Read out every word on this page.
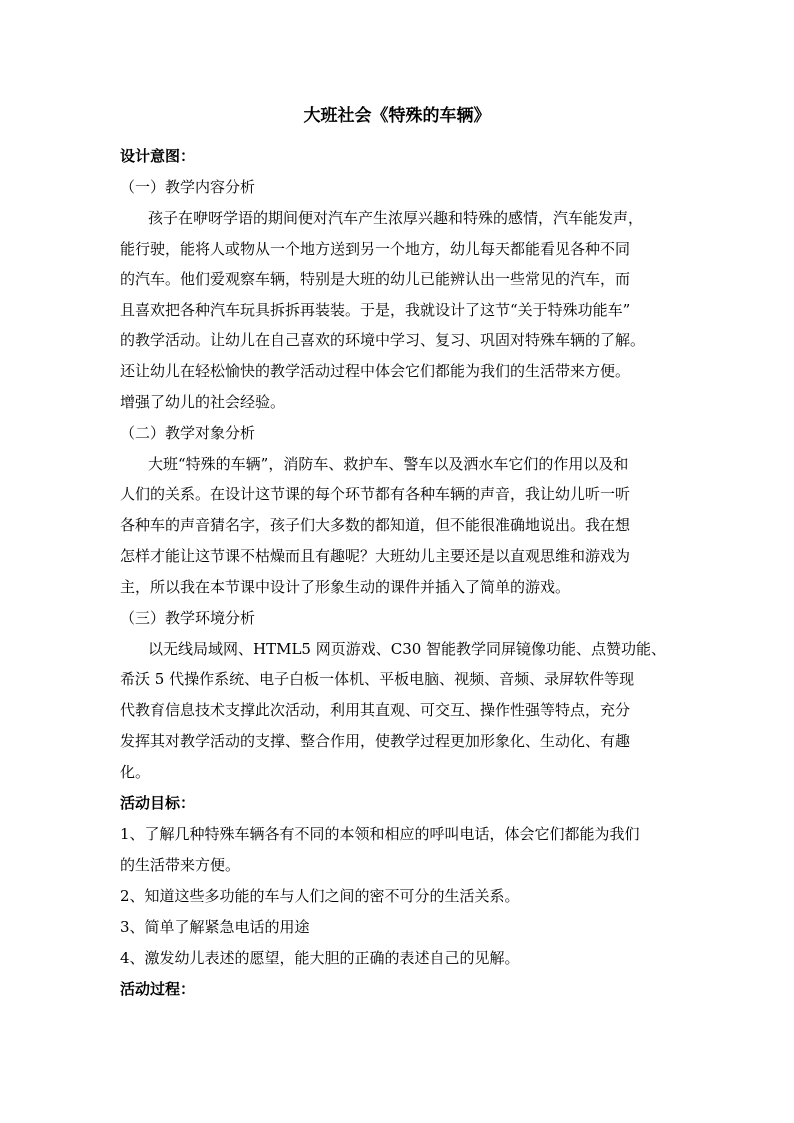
大班社会《特殊的车辆》
设计意图：
（一）教学内容分析
孩子在咿呀学语的期间便对汽车产生浓厚兴趣和特殊的感情，汽车能发声，
能行驶，能将人或物从一个地方送到另一个地方，幼儿每天都能看见各种不同
的汽车。他们爱观察车辆，特别是大班的幼儿已能辨认出一些常见的汽车，而
且喜欢把各种汽车玩具拆拆再装装。于是，我就设计了这节“关于特殊功能车”
的教学活动。让幼儿在自己喜欢的环境中学习、复习、巩固对特殊车辆的了解。
还让幼儿在轻松愉快的教学活动过程中体会它们都能为我们的生活带来方便。
增强了幼儿的社会经验。
（二）教学对象分析
大班“特殊的车辆”，消防车、救护车、警车以及洒水车它们的作用以及和
人们的关系。在设计这节课的每个环节都有各种车辆的声音，我让幼儿听一听
各种车的声音猜名字，孩子们大多数的都知道，但不能很准确地说出。我在想
怎样才能让这节课不枯燥而且有趣呢？大班幼儿主要还是以直观思维和游戏为
主，所以我在本节课中设计了形象生动的课件并插入了简单的游戏。
（三）教学环境分析
以无线局域网、HTML5 网页游戏、C30 智能教学同屏镜像功能、点赞功能、
希沃 5 代操作系统、电子白板一体机、平板电脑、视频、音频、录屏软件等现
代教育信息技术支撑此次活动，利用其直观、可交互、操作性强等特点，充分
发挥其对教学活动的支撑、整合作用，使教学过程更加形象化、生动化、有趣
化。
活动目标：
1、了解几种特殊车辆各有不同的本领和相应的呼叫电话，体会它们都能为我们
的生活带来方便。
2、知道这些多功能的车与人们之间的密不可分的生活关系。
3、简单了解紧急电话的用途
4、激发幼儿表述的愿望，能大胆的正确的表述自己的见解。
活动过程：
